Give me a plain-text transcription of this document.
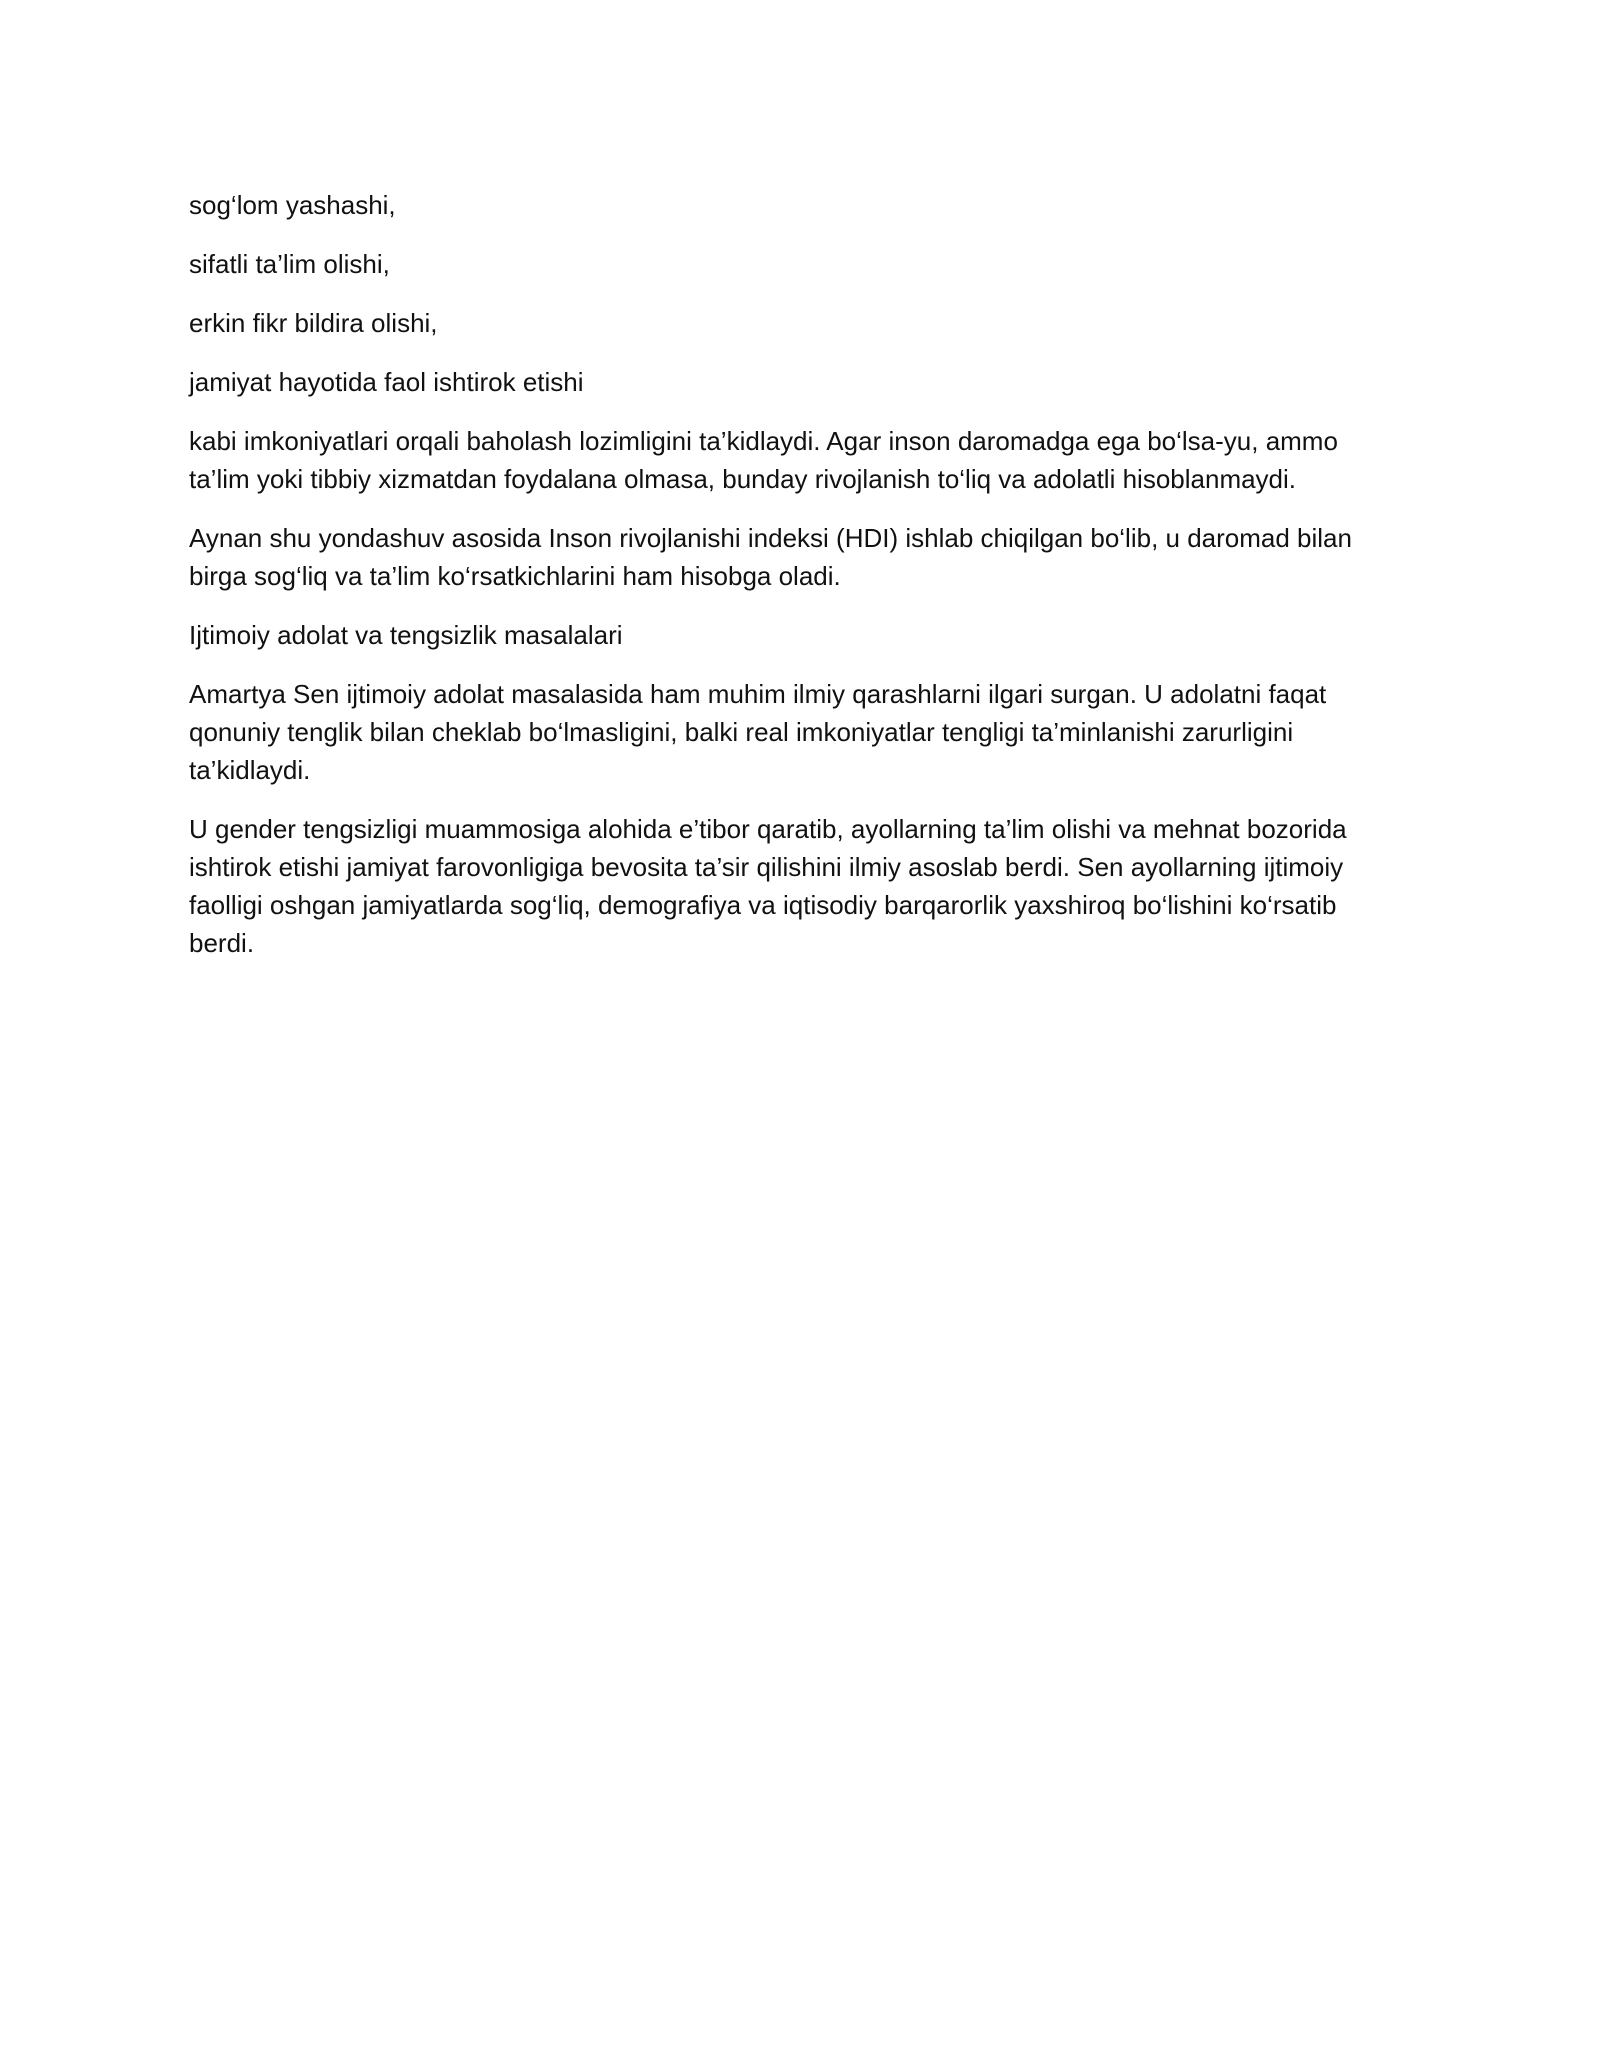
sog‘lom yashashi,

sifatli ta’lim olishi,

erkin fikr bildira olishi,

jamiyat hayotida faol ishtirok etishi

kabi imkoniyatlari orqali baholash lozimligini ta’kidlaydi. Agar inson daromadga ega bo‘lsa-yu, ammo ta’lim yoki tibbiy xizmatdan foydalana olmasa, bunday rivojlanish to‘liq va adolatli hisoblanmaydi.

Aynan shu yondashuv asosida Inson rivojlanishi indeksi (HDI) ishlab chiqilgan bo‘lib, u daromad bilan birga sog‘liq va ta’lim ko‘rsatkichlarini ham hisobga oladi.

Ijtimoiy adolat va tengsizlik masalalari

Amartya Sen ijtimoiy adolat masalasida ham muhim ilmiy qarashlarni ilgari surgan. U adolatni faqat qonuniy tenglik bilan cheklab bo‘lmasligini, balki real imkoniyatlar tengligi ta’minlanishi zarurligini ta’kidlaydi.

U gender tengsizligi muammosiga alohida e’tibor qaratib, ayollarning ta’lim olishi va mehnat bozorida ishtirok etishi jamiyat farovonligiga bevosita ta’sir qilishini ilmiy asoslab berdi. Sen ayollarning ijtimoiy faolligi oshgan jamiyatlarda sog‘liq, demografiya va iqtisodiy barqarorlik yaxshiroq bo‘lishini ko‘rsatib berdi.
